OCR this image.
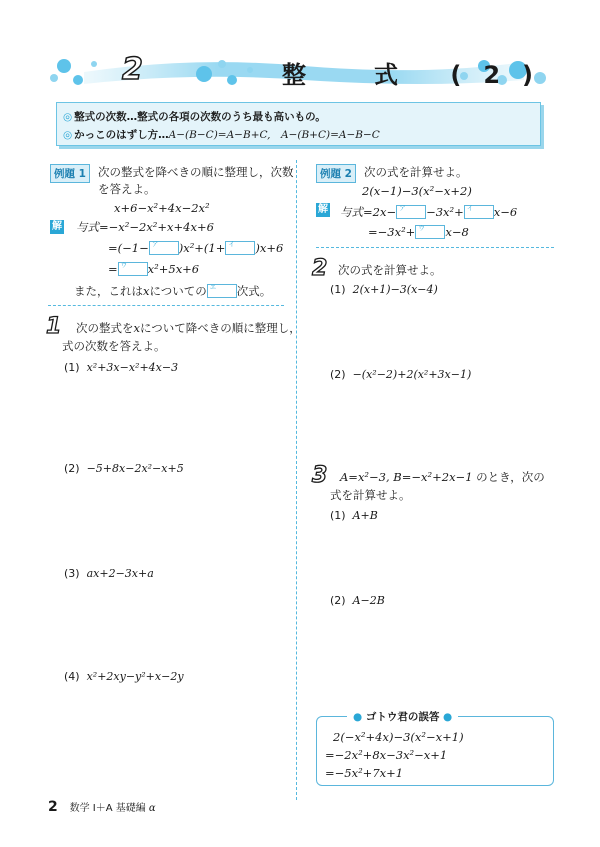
2	整　式 (2)
◎ 整式の次数…整式の各項の次数のうち最も高いもの。
◎ かっこのはずし方…A−(B−C)=A−B+C,　A−(B+C)=A−B−C
例題 1	次の整式を降べきの順に整理し，次数
を答えよ。
x+6−x²+4x−2x²
解 与式=−x²−2x²+x+4x+6
=(−1− ア )x²+(1+ イ )x+6
= ウ x²+5x+6
また，これはxについての エ 次式。
1 次の整式をxについて降べきの順に整理し，
式の次数を答えよ。
(1) x²+3x−x²+4x−3
(2) −5+8x−2x²−x+5
(3) ax+2−3x+a
(4) x²+2xy−y²+x−2y
例題 2	次の式を計算せよ。
2(x−1)−3(x²−x+2)
解 与式=2x− ア −3x²+ イ x−6
=−3x²+ ウ x−8
2 次の式を計算せよ。
(1) 2(x+1)−3(x−4)
(2) −(x²−2)+2(x²+3x−1)
3 A=x²−3, B=−x²+2x−1 のとき，次の
式を計算せよ。
(1) A+B
(2) A−2B
● ゴトウ君の誤答 ●
2(−x²+4x)−3(x²−x+1)
=−2x²+8x−3x²−x+1
=−5x²+7x+1
2 数学 I＋A 基礎編 α
